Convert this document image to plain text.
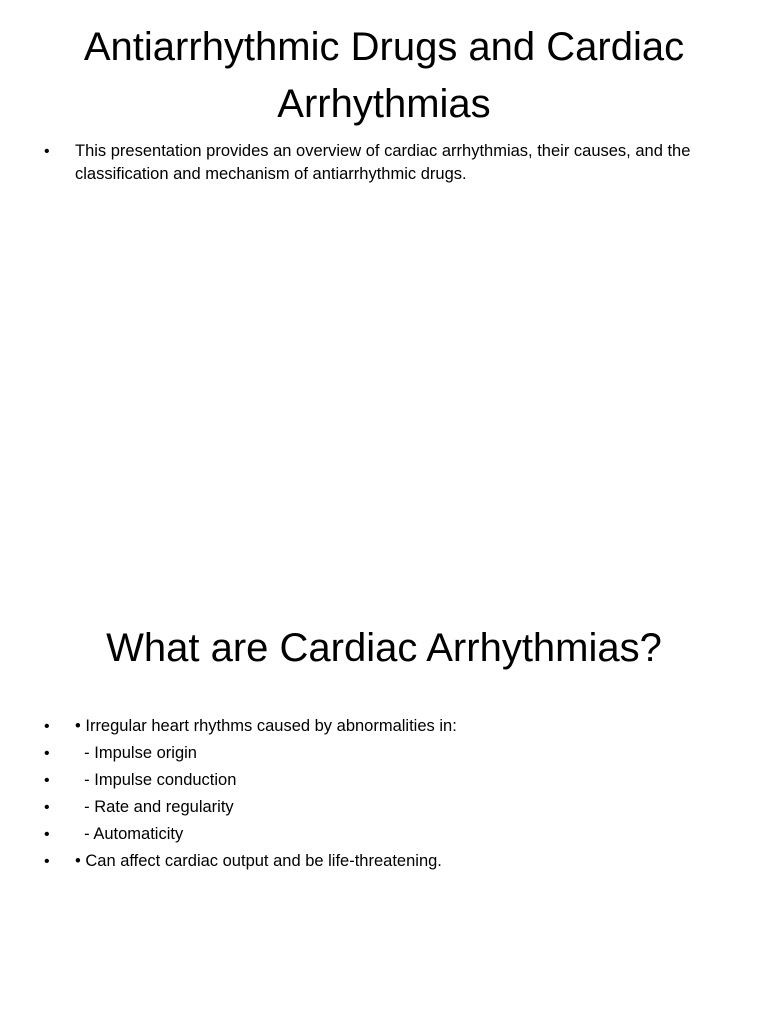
Antiarrhythmic Drugs and Cardiac Arrhythmias
• This presentation provides an overview of cardiac arrhythmias, their causes, and the classification and mechanism of antiarrhythmic drugs.
What are Cardiac Arrhythmias?
• • Irregular heart rhythms caused by abnormalities in:
• - Impulse origin
• - Impulse conduction
• - Rate and regularity
• - Automaticity
• • Can affect cardiac output and be life-threatening.
